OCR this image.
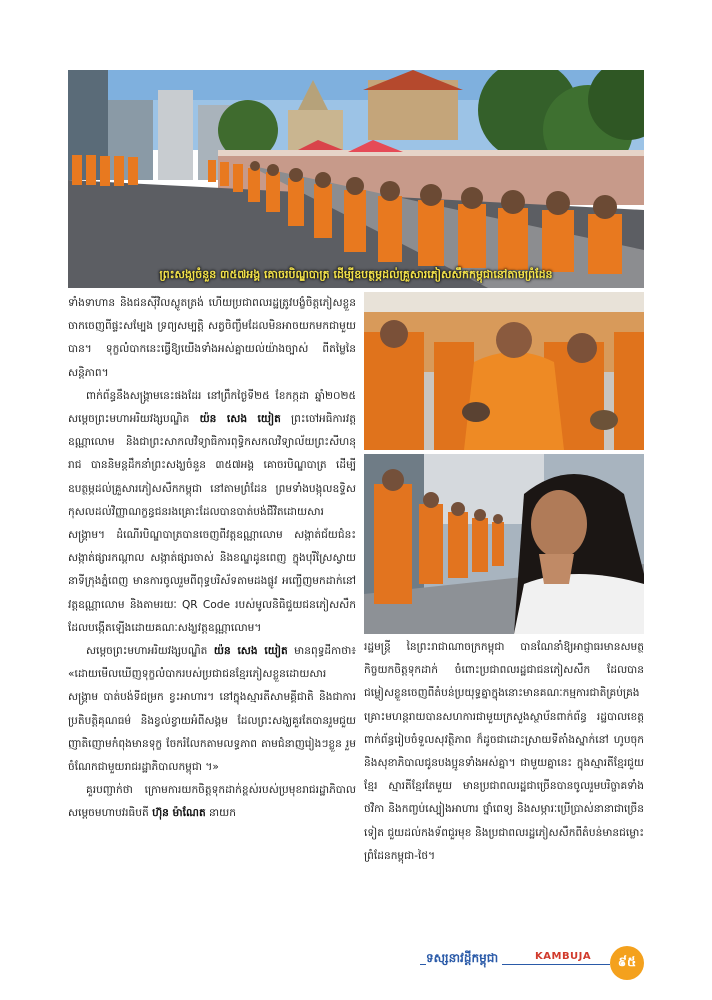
ព្រះសង្ឃចំនួន ៣៥៧អង្គ គោចរបិណ្ឌបាត្រ ដើម្បីឧបត្ថម្ភដល់គ្រួសារភៀសសឹកកម្ពុជានៅតាមព្រំដែន

ទាំងទាហាន និងជនស៊ីវិលស្លូតត្រង់ ហើយប្រជាពលរដ្ឋត្រូវបង្ខំចិត្តភៀសខ្លួនចាកចេញពីផ្ទះសម្បែង ទ្រព្យសម្បត្តិ សត្វចិញ្ចឹមដែលមិនអាចយកមកជាមួយបាន។ ទុក្ខលំបាកនេះធ្វើឱ្យយើងទាំងអស់គ្នាយល់យ៉ាងច្បាស់ ពីតម្លៃនៃសន្តិភាព។

ពាក់ព័ន្ធនឹងសង្គ្រាមនេះផងដែរ នៅព្រឹកថ្ងៃទី២៥ ខែកក្កដា ឆ្នាំ២០២៥ សម្តេចព្រះមហាអរិយវង្សបណ្ឌិត យ៉ន សេង យៀត ព្រះចៅអធិការវត្តឧណ្ណាលោម និងជាព្រះសាកលវិទ្យាធិការពុទ្ធិកសកលវិទ្យាល័យព្រះសីហនុរាជ បាននិមន្តដឹកនាំព្រះសង្ឃចំនួន ៣៥៧អង្គ គោចរបិណ្ឌបាត្រ ដើម្បីឧបត្ថម្ភដល់គ្រួសារភៀសសឹកកម្ពុជា នៅតាមព្រំដែន ព្រមទាំងបង្កុលឧទ្ទិសកុសលដល់វិញ្ញាណក្ខន្ធជនរងគ្រោះដែលបានបាត់បង់ជីវិតដោយសារសង្គ្រាម។ ដំណើរបិណ្ឌបាត្របានចេញពីវត្តឧណ្ណាលោម សង្កាត់ជ័យជំនះ សង្កាត់ផ្សារកណ្តាល សង្កាត់ផ្សារចាស់ និងខណ្ឌដូនពេញ ក្នុងបុរីស្រែស្វាយនាទីក្រុងភ្នំពេញ មានការចូលរួមពីពុទ្ធបរិស័ទតាមដងផ្លូវ អញ្ជើញមកដាក់នៅវត្តឧណ្ណាលោម និងតាមរយៈ QR Code របស់មូលនិធិជួយជនភៀសសឹក ដែលបង្កើតឡើងដោយគណៈសង្ឃវត្តឧណ្ណាលោម។

សម្តេចព្រះមហាអរិយវង្សបណ្ឌិត យ៉ន សេង យៀត មានពុទ្ធដីកាថា៖ «ដោយមើលឃើញទុក្ខលំបាករបស់ប្រជាជនខ្មែរភៀសខ្លួនដោយសារសង្គ្រាម បាត់បង់ទីជម្រក ខ្វះអាហារ។ នៅក្នុងស្មារតីសាមគ្គីជាតិ និងជាការប្រតិបត្តិគុណធម៌ និងខ្វល់ខ្វាយអំពីសង្គម ដែលព្រះសង្ឃគួរតែបានរួមជួយញាតិញោមកំពុងមានទុក្ខ ចែករំលែកតាមលទ្ធភាព តាមជំនាញរៀងៗខ្លួន រួមចំណែកជាមួយរាជរដ្ឋាភិបាលកម្ពុជា ។»

គួរបញ្ជាក់ថា ក្រោមការយកចិត្តទុកដាក់ខ្ពស់របស់ប្រមុខរាជរដ្ឋាភិបាល សម្តេចមហាបវរធិបតី ហ៊ុន ម៉ាណែត នាយក

រដ្ឋមន្ត្រី នៃព្រះរាជាណាចក្រកម្ពុជា បានណែនាំឱ្យអាជ្ញាធរមានសមត្ថកិច្ចយកចិត្តទុកដាក់ ចំពោះប្រជាពលរដ្ឋជាជនភៀសសឹក ដែលបានជម្លៀសខ្លួនចេញពីតំបន់ប្រយុទ្ធគ្នាក្នុងនោះមានគណៈកម្មការជាតិគ្រប់គ្រងគ្រោះមហន្តរាយបានសហការជាមួយក្រសួងស្ថាប័នពាក់ព័ន្ធ រដ្ឋបាលខេត្តពាក់ព័ន្ធរៀបចំទួលសុវត្ថិភាព ក៏ដូចជាដោះស្រាយទីតាំងស្នាក់នៅ ហូបចុក និងសុខាភិបាលជូនបងប្អូនទាំងអស់គ្នា។ ជាមួយគ្នានេះ ក្នុងស្មារតីខ្មែរជួយខ្មែរ ស្មារតីខ្មែរតែមួយ មានប្រជាពលរដ្ឋជាច្រើនបានចូលរួមបរិច្ចាគទាំងថវិកា និងកញ្ចប់ស្បៀងអាហារ ថ្នាំពេទ្យ និងសម្ភារៈប្រើប្រាស់នានាជាច្រើនទៀត ជួយដល់កងទ័ពជួរមុខ និងប្រជាពលរដ្ឋភៀសសឹកពីតំបន់មានជម្លោះព្រំដែនកម្ពុជា-ថៃ។

ទស្សនាវដ្តីកម្ពុជា	KAMBUJA	៩៥
